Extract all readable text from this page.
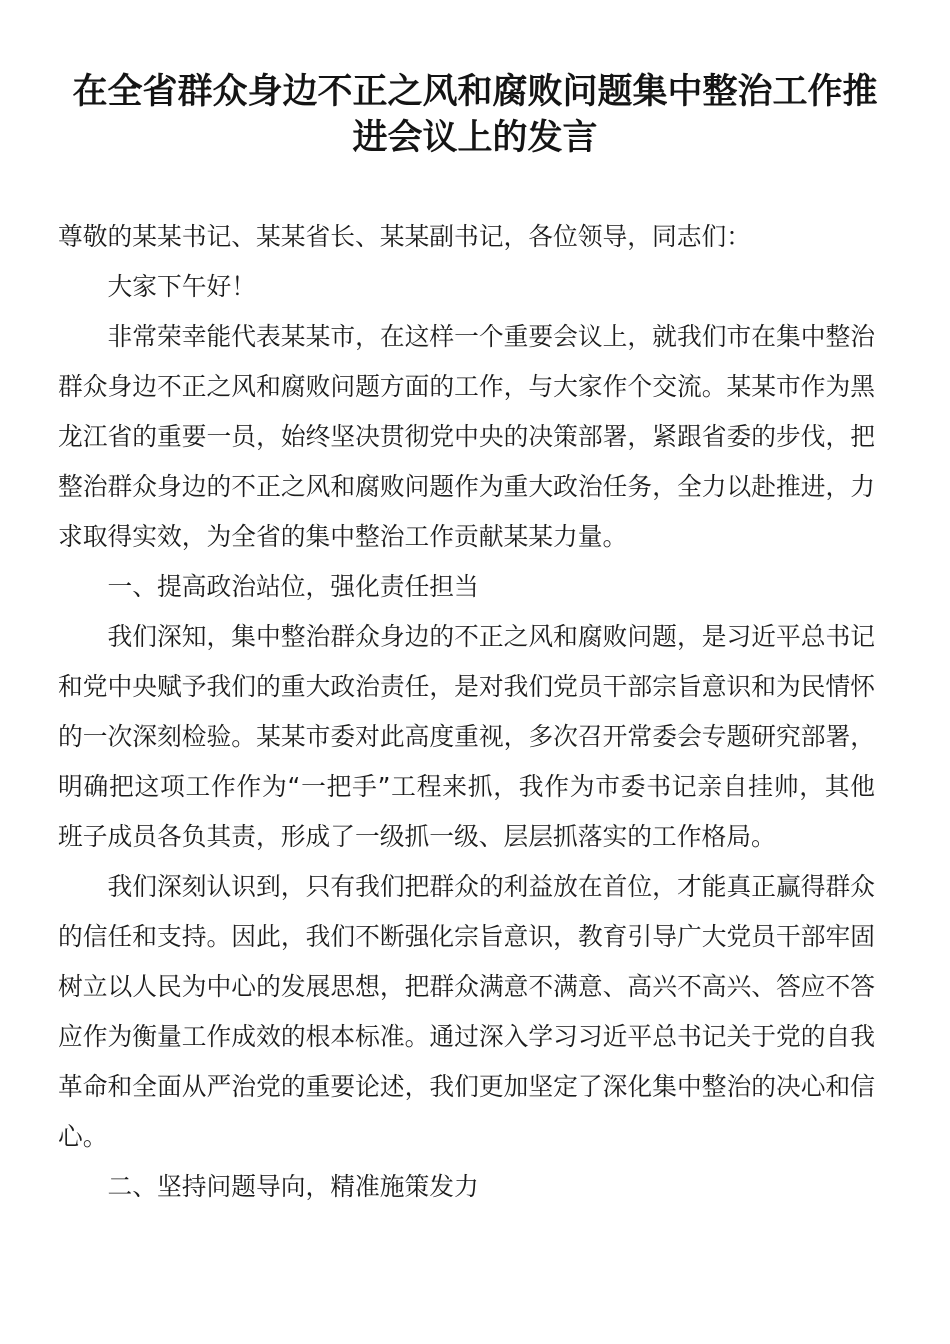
在全省群众身边不正之风和腐败问题集中整治工作推
进会议上的发言
尊敬的某某书记、某某省长、某某副书记，各位领导，同志们：
大家下午好！
非常荣幸能代表某某市，在这样一个重要会议上，就我们市在集中整治
群众身边不正之风和腐败问题方面的工作，与大家作个交流。某某市作为黑
龙江省的重要一员，始终坚决贯彻党中央的决策部署，紧跟省委的步伐，把
整治群众身边的不正之风和腐败问题作为重大政治任务，全力以赴推进，力
求取得实效，为全省的集中整治工作贡献某某力量。
一、提高政治站位，强化责任担当
我们深知，集中整治群众身边的不正之风和腐败问题，是习近平总书记
和党中央赋予我们的重大政治责任，是对我们党员干部宗旨意识和为民情怀
的一次深刻检验。某某市委对此高度重视，多次召开常委会专题研究部署，
明确把这项工作作为“一把手”工程来抓，我作为市委书记亲自挂帅，其他
班子成员各负其责，形成了一级抓一级、层层抓落实的工作格局。
我们深刻认识到，只有我们把群众的利益放在首位，才能真正赢得群众
的信任和支持。因此，我们不断强化宗旨意识，教育引导广大党员干部牢固
树立以人民为中心的发展思想，把群众满意不满意、高兴不高兴、答应不答
应作为衡量工作成效的根本标准。通过深入学习习近平总书记关于党的自我
革命和全面从严治党的重要论述，我们更加坚定了深化集中整治的决心和信
心。
二、坚持问题导向，精准施策发力
